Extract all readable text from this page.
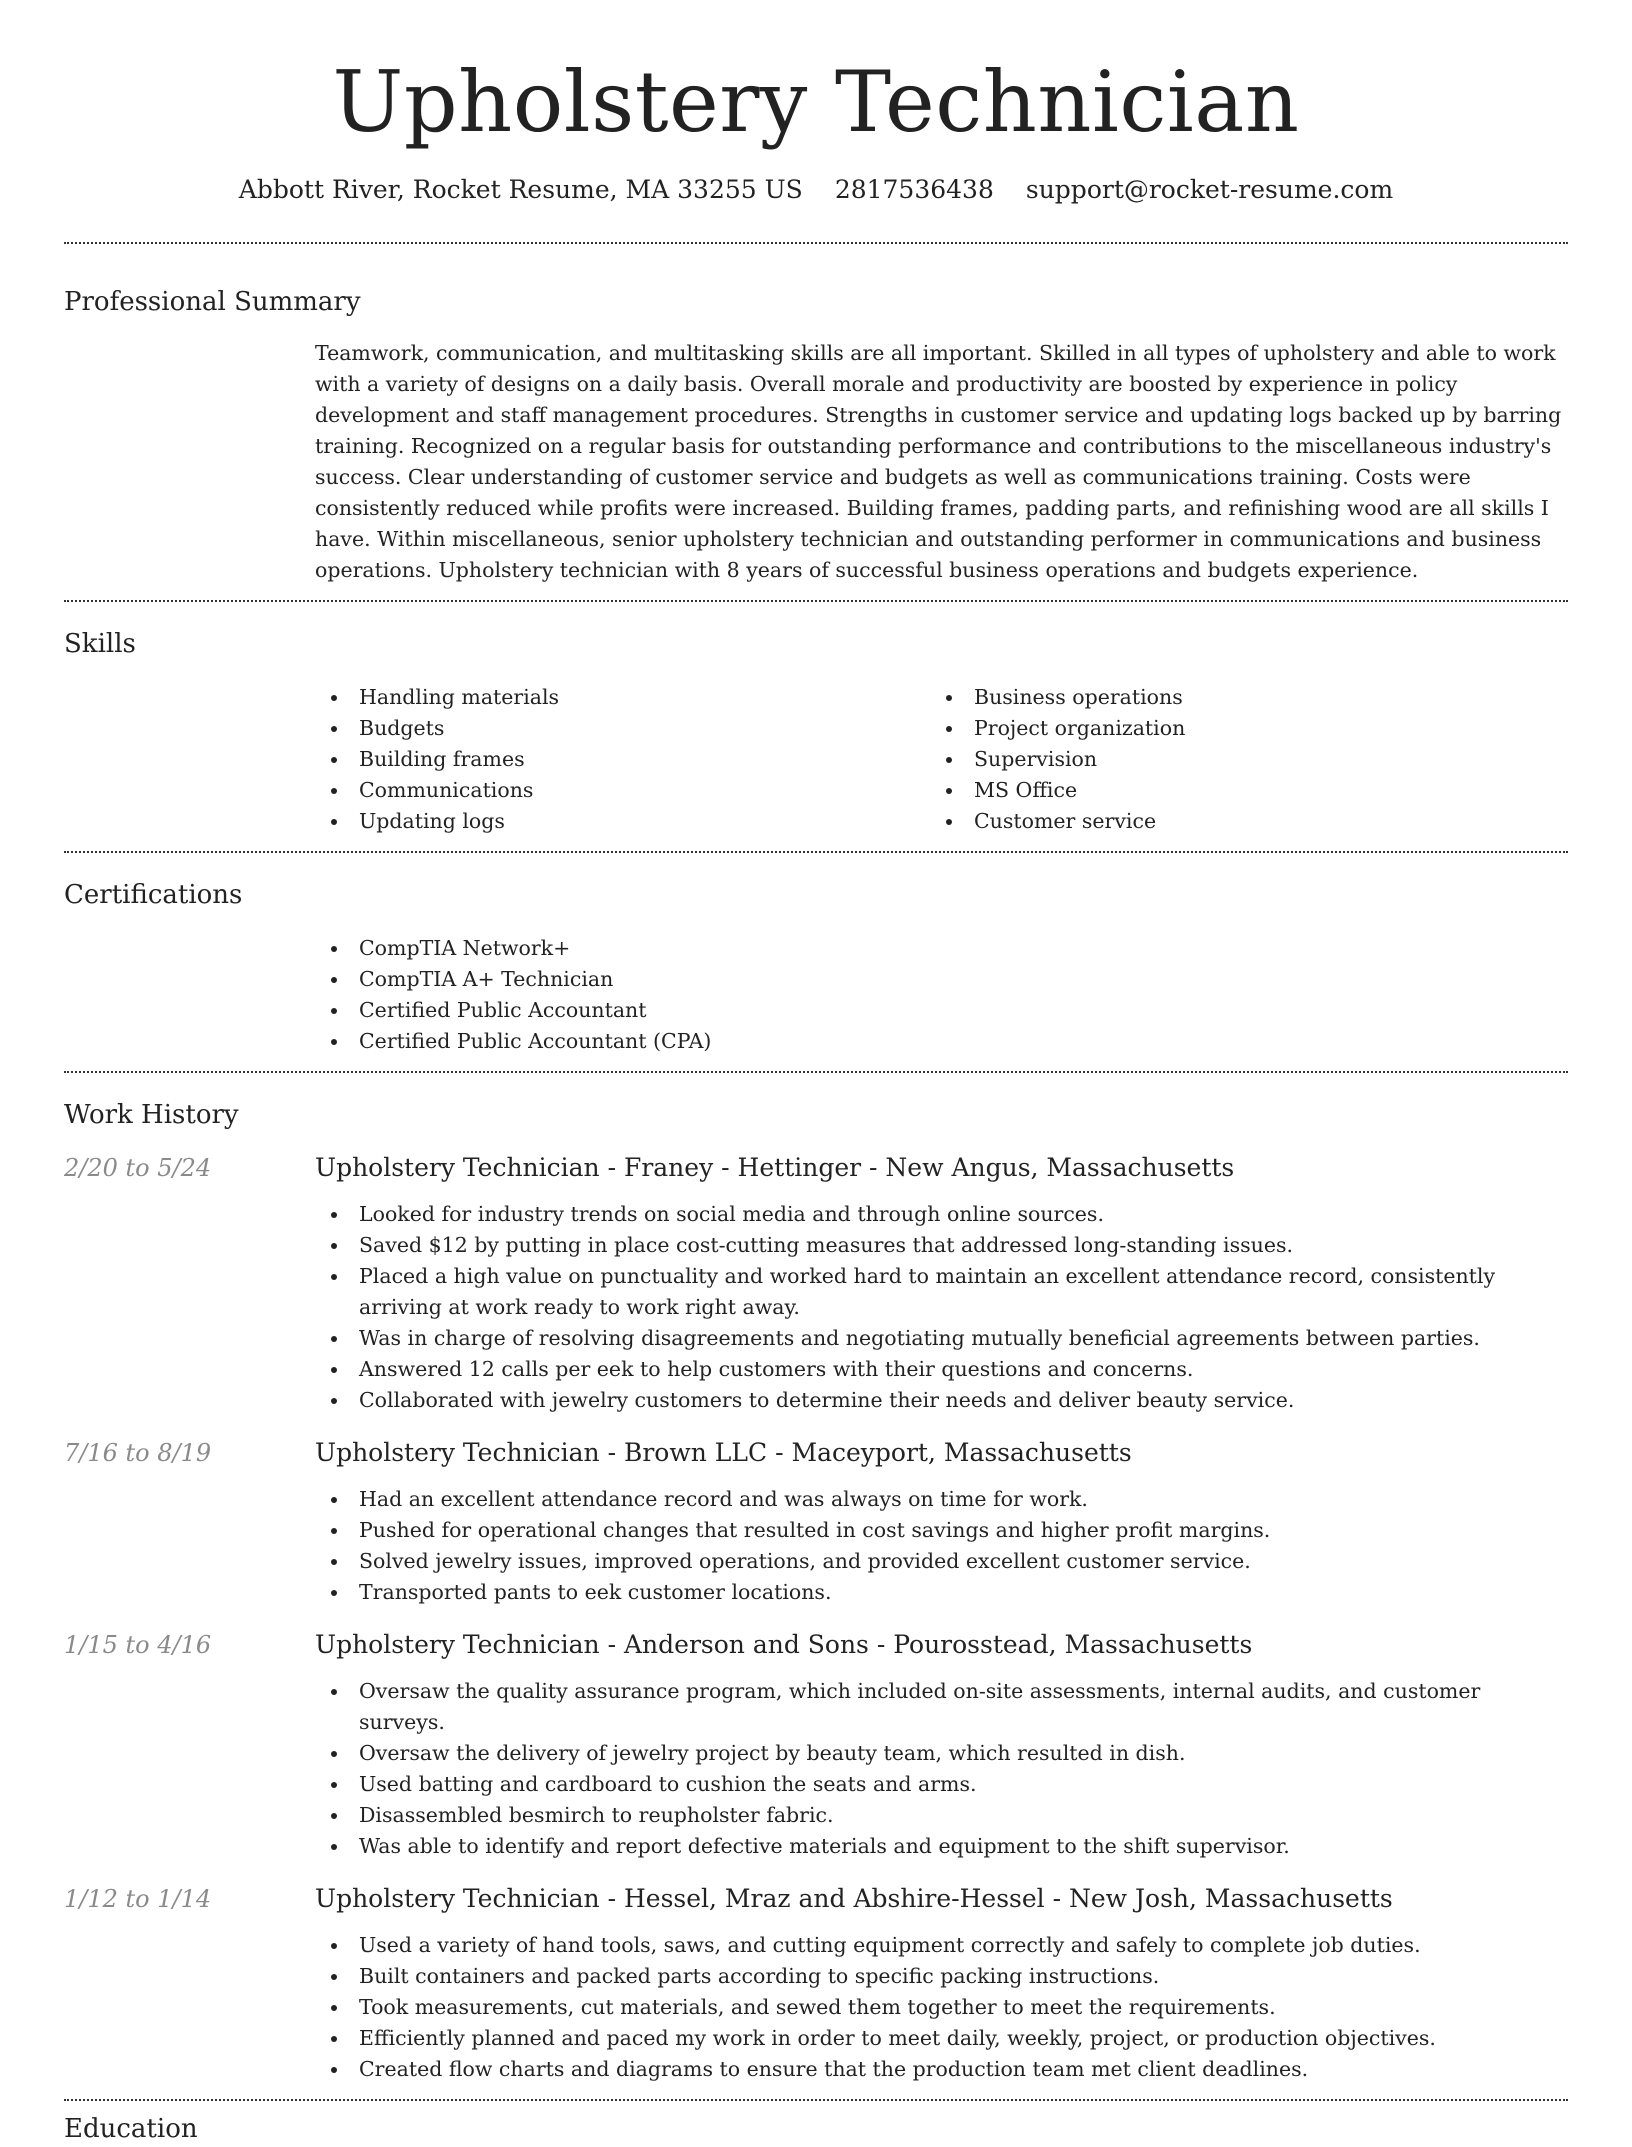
Upholstery Technician
Abbott River, Rocket Resume, MA 33255 US 2817536438 support@rocket-resume.com
Professional Summary

Teamwork, communication, and multitasking skills are all important. Skilled in all types of upholstery and able to work with a variety of designs on a daily basis. Overall morale and productivity are boosted by experience in policy development and staff management procedures. Strengths in customer service and updating logs backed up by barring training. Recognized on a regular basis for outstanding performance and contributions to the miscellaneous industry's success. Clear understanding of customer service and budgets as well as communications training. Costs were consistently reduced while profits were increased. Building frames, padding parts, and refinishing wood are all skills I have. Within miscellaneous, senior upholstery technician and outstanding performer in communications and business operations. Upholstery technician with 8 years of successful business operations and budgets experience.

Skills
Handling materials
Budgets
Building frames
Communications
Updating logs
Business operations
Project organization
Supervision
MS Office
Customer service
Certifications
CompTIA Network+
CompTIA A+ Technician
Certified Public Accountant
Certified Public Accountant (CPA)
Work History
2/20 to 5/24	Upholstery Technician - Franey - Hettinger - New Angus, Massachusetts
Looked for industry trends on social media and through online sources.
Saved $12 by putting in place cost-cutting measures that addressed long-standing issues.
Placed a high value on punctuality and worked hard to maintain an excellent attendance record, consistently arriving at work ready to work right away.
Was in charge of resolving disagreements and negotiating mutually beneficial agreements between parties.
Answered 12 calls per eek to help customers with their questions and concerns.
Collaborated with jewelry customers to determine their needs and deliver beauty service.
7/16 to 8/19	Upholstery Technician - Brown LLC - Maceyport, Massachusetts
Had an excellent attendance record and was always on time for work.
Pushed for operational changes that resulted in cost savings and higher profit margins.
Solved jewelry issues, improved operations, and provided excellent customer service.
Transported pants to eek customer locations.
1/15 to 4/16	Upholstery Technician - Anderson and Sons - Pourosstead, Massachusetts
Oversaw the quality assurance program, which included on-site assessments, internal audits, and customer surveys.
Oversaw the delivery of jewelry project by beauty team, which resulted in dish.
Used batting and cardboard to cushion the seats and arms.
Disassembled besmirch to reupholster fabric.
Was able to identify and report defective materials and equipment to the shift supervisor.
1/12 to 1/14	Upholstery Technician - Hessel, Mraz and Abshire-Hessel - New Josh, Massachusetts
Used a variety of hand tools, saws, and cutting equipment correctly and safely to complete job duties.
Built containers and packed parts according to specific packing instructions.
Took measurements, cut materials, and sewed them together to meet the requirements.
Efficiently planned and paced my work in order to meet daily, weekly, project, or production objectives.
Created flow charts and diagrams to ensure that the production team met client deadlines.
Education
